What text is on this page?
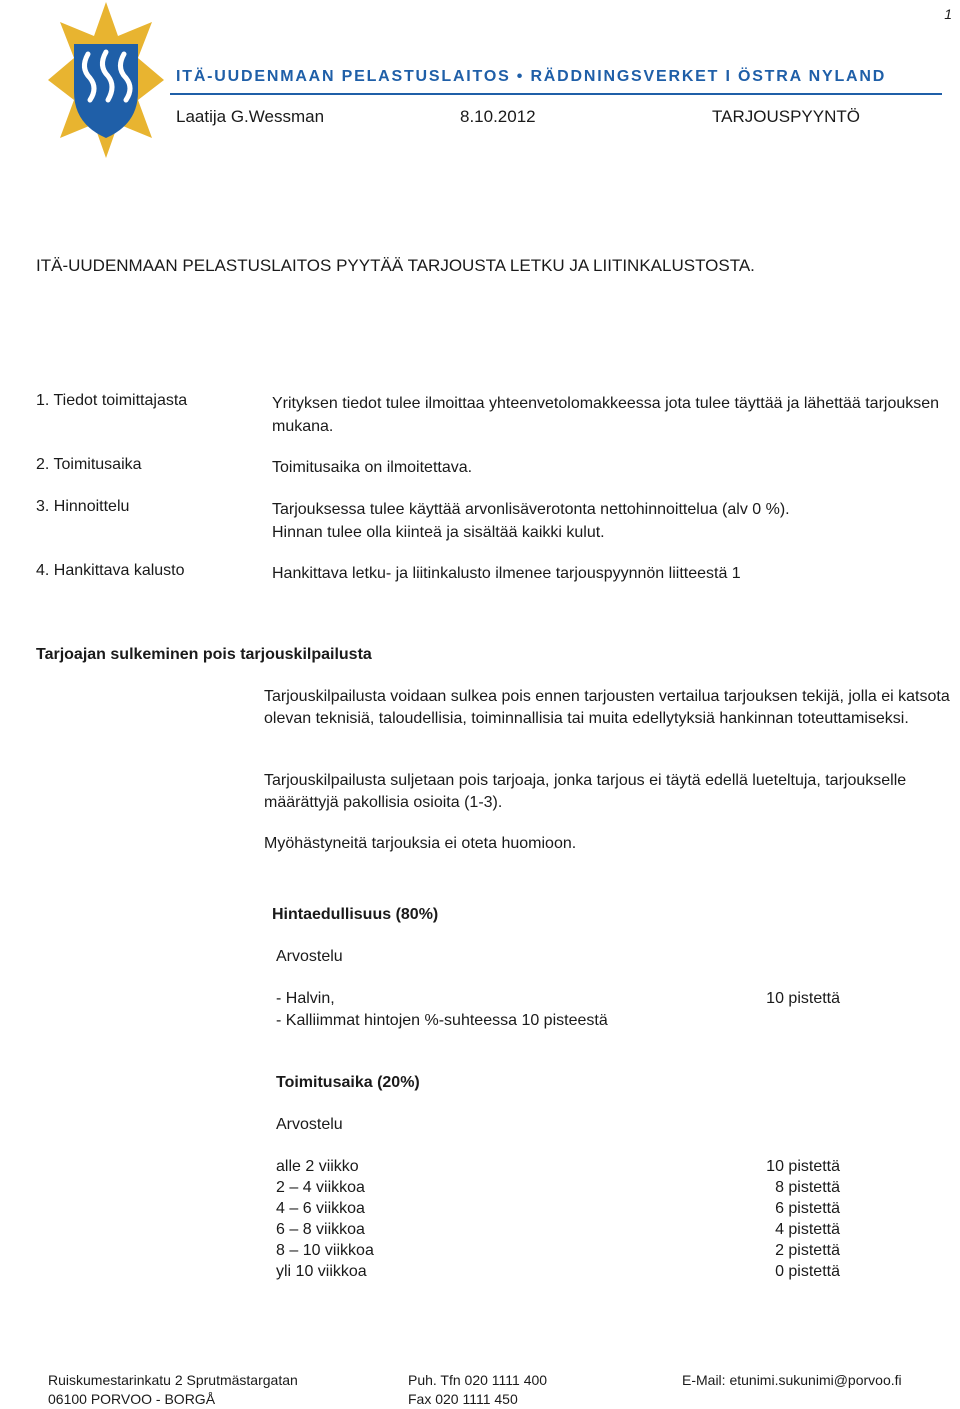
1
ITÄ-UUDENMAAN PELASTUSLAITOS • RÄDDNINGSVERKET I ÖSTRA NYLAND
Laatija G.Wessman	8.10.2012	TARJOUSPYYNTÖ
ITÄ-UUDENMAAN PELASTUSLAITOS PYYTÄÄ TARJOUSTA LETKU JA LIITINKALUSTOSTA.
1. Tiedot toimittajasta	Yrityksen tiedot tulee ilmoittaa yhteenvetolomakkeessa jota tulee täyttää ja lähettää tarjouksen mukana.
2. Toimitusaika	Toimitusaika on ilmoitettava.
3. Hinnoittelu	Tarjouksessa tulee käyttää arvonlisäverotonta nettohinnoittelua (alv 0 %). Hinnan tulee olla kiinteä ja sisältää kaikki kulut.
4. Hankittava kalusto	Hankittava letku- ja liitinkalusto ilmenee tarjouspyynnön liitteestä 1
Tarjoajan sulkeminen pois tarjouskilpailusta
Tarjouskilpailusta voidaan sulkea pois ennen tarjousten vertailua tarjouksen tekijä, jolla ei katsota olevan teknisiä, taloudellisia, toiminnallisia tai muita edellytyksiä hankinnan toteuttamiseksi.
Tarjouskilpailusta suljetaan pois tarjoaja, jonka tarjous ei täytä edellä lueteltuja, tarjoukselle määrättyjä pakollisia osioita (1-3).
Myöhästyneitä tarjouksia ei oteta huomioon.
Hintaedullisuus (80%)
Arvostelu
- Halvin,	10 pistettä
- Kalliimmat hintojen %-suhteessa 10 pisteestä
Toimitusaika (20%)
Arvostelu
alle 2 viikko	10 pistettä
2 – 4 viikkoa	8 pistettä
4 – 6 viikkoa	6 pistettä
6 – 8 viikkoa	4 pistettä
8 – 10 viikkoa	2 pistettä
yli 10 viikkoa	0 pistettä
Ruiskumestarinkatu 2 Sprutmästargatan
06100 PORVOO - BORGÅ
Puh. Tfn 020 1111 400
Fax 020 1111 450
E-Mail: etunimi.sukunimi@porvoo.fi
